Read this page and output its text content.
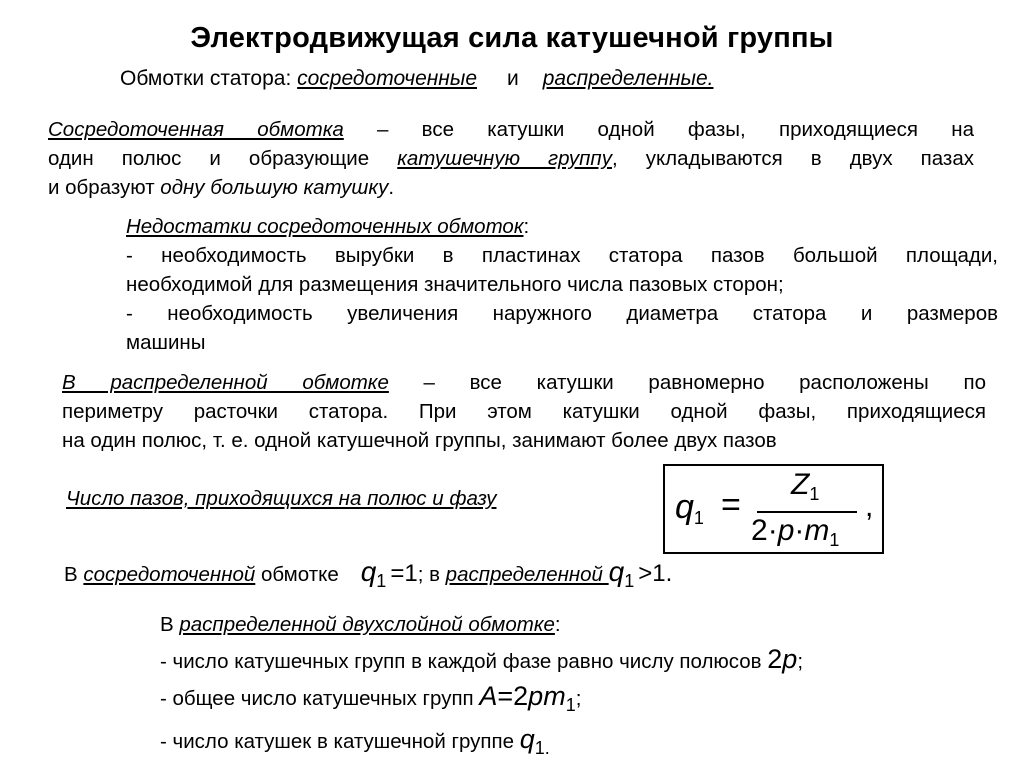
Электродвижущая сила катушечной группы
Обмотки статора: сосредоточенные и распределенные.
Сосредоточенная обмотка – все катушки одной фазы, приходящиеся на
один полюс и образующие катушечную группу, укладываются в двух пазах
и образуют одну большую катушку.
Недостатки сосредоточенных обмоток:
- необходимость вырубки в пластинах статора пазов большой площади,
необходимой для размещения значительного числа пазовых сторон;
- необходимость увеличения наружного диаметра статора и размеров
машины
В распределенной обмотке – все катушки равномерно расположены по
периметру расточки статора. При этом катушки одной фазы, приходящиеся
на один полюс, т. е. одной катушечной группы, занимают более двух пазов
Число пазов, приходящихся на полюс и фазу	$q_1$ =
$Z_1$
$2\cdot p\cdot m_1$
,
В сосредоточенной обмотке q1 =1; в распределенной q1 >1.
В распределенной двухслойной обмотке:
- число катушечных групп в каждой фазе равно числу полюсов 2p;
- общее число катушечных групп A=2pm1;
- число катушек в катушечной группе q1.
